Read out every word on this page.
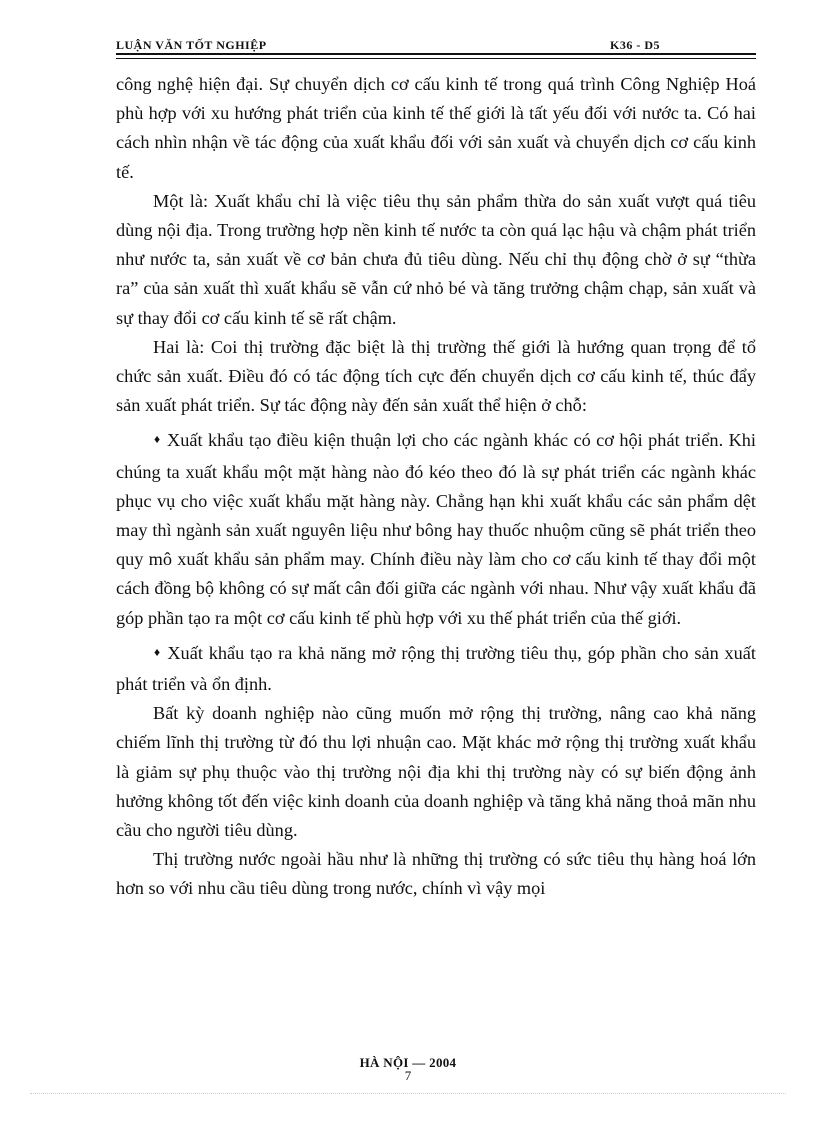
LUẬN VĂN TỐT NGHIỆP	K36 - D5

công nghệ hiện đại. Sự chuyển dịch cơ cấu kinh tế trong quá trình Công Nghiệp Hoá phù hợp với xu hướng phát triển của kinh tế thế giới là tất yếu đối với nước ta. Có hai cách nhìn nhận về tác động của xuất khẩu đối với sản xuất và chuyển dịch cơ cấu kinh tế.

Một là: Xuất khẩu chỉ là việc tiêu thụ sản phẩm thừa do sản xuất vượt quá tiêu dùng nội địa. Trong trường hợp nền kinh tế nước ta còn quá lạc hậu và chậm phát triển như nước ta, sản xuất về cơ bản chưa đủ tiêu dùng. Nếu chỉ thụ động chờ ở sự “thừa ra” của sản xuất thì xuất khẩu sẽ vẫn cứ nhỏ bé và tăng trưởng chậm chạp, sản xuất và sự thay đổi cơ cấu kinh tế sẽ rất chậm.

Hai là: Coi thị trường đặc biệt là thị trường thế giới là hướng quan trọng để tổ chức sản xuất. Điều đó có tác động tích cực đến chuyển dịch cơ cấu kinh tế, thúc đẩy sản xuất phát triển. Sự tác động này đến sản xuất thể hiện ở chỗ:

♦ Xuất khẩu tạo điều kiện thuận lợi cho các ngành khác có cơ hội phát triển. Khi chúng ta xuất khẩu một mặt hàng nào đó kéo theo đó là sự phát triển các ngành khác phục vụ cho việc xuất khẩu mặt hàng này. Chẳng hạn khi xuất khẩu các sản phẩm dệt may thì ngành sản xuất nguyên liệu như bông hay thuốc nhuộm cũng sẽ phát triển theo quy mô xuất khẩu sản phẩm may. Chính điều này làm cho cơ cấu kinh tế thay đổi một cách đồng bộ không có sự mất cân đối giữa các ngành với nhau. Như vậy xuất khẩu đã góp phần tạo ra một cơ cấu kinh tế phù hợp với xu thế phát triển của thế giới.

♦ Xuất khẩu tạo ra khả năng mở rộng thị trường tiêu thụ, góp phần cho sản xuất phát triển và ổn định.

Bất kỳ doanh nghiệp nào cũng muốn mở rộng thị trường, nâng cao khả năng chiếm lĩnh thị trường từ đó thu lợi nhuận cao. Mặt khác mở rộng thị trường xuất khẩu là giảm sự phụ thuộc vào thị trường nội địa khi thị trường này có sự biến động ảnh hưởng không tốt đến việc kinh doanh của doanh nghiệp và tăng khả năng thoả mãn nhu cầu cho người tiêu dùng.

Thị trường nước ngoài hầu như là những thị trường có sức tiêu thụ hàng hoá lớn hơn so với nhu cầu tiêu dùng trong nước, chính vì vậy mọi

HÀ NỘI — 2004
7
